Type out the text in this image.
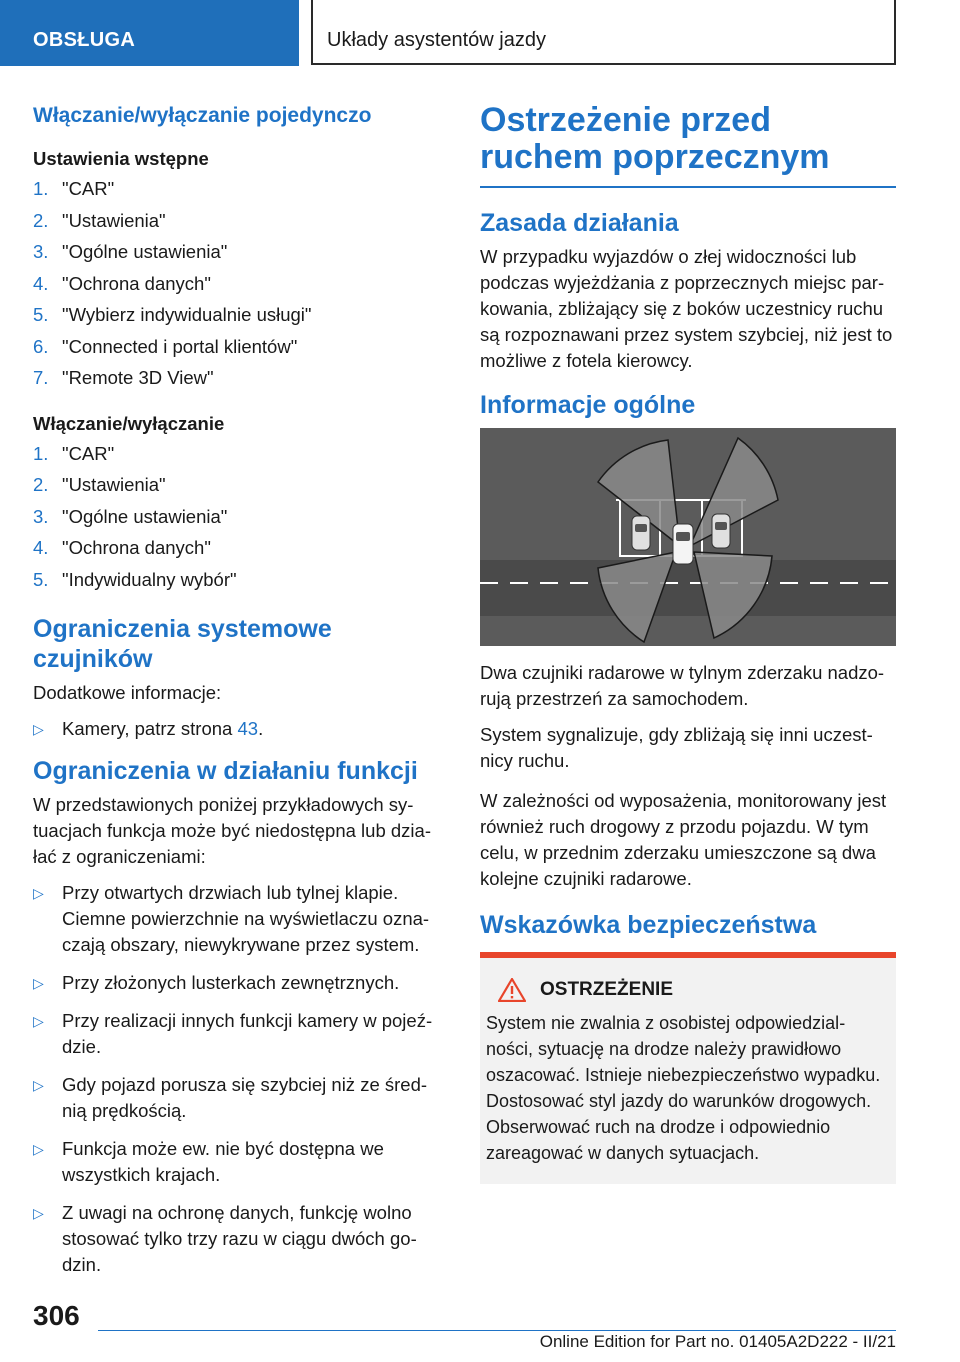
OBSŁUGA	Układy asystentów jazdy
Włączanie/wyłączanie pojedynczo
Ustawienia wstępne
1. "CAR"
2. "Ustawienia"
3. "Ogólne ustawienia"
4. "Ochrona danych"
5. "Wybierz indywidualnie usługi"
6. "Connected i portal klientów"
7. "Remote 3D View"
Włączanie/wyłączanie
1. "CAR"
2. "Ustawienia"
3. "Ogólne ustawienia"
4. "Ochrona danych"
5. "Indywidualny wybór"
Ograniczenia systemowe czujników

Dodatkowe informacje:

▷ Kamery, patrz strona 43.
Ograniczenia w działaniu funkcji

W przedstawionych poniżej przykładowych sytuacjach funkcja może być niedostępna lub działać z ograniczeniami:

▷ Przy otwartych drzwiach lub tylnej klapie. Ciemne powierzchnie na wyświetlaczu oznaczają obszary, niewykrywane przez system.
▷ Przy złożonych lusterkach zewnętrznych.
▷ Przy realizacji innych funkcji kamery w pojeździe.
▷ Gdy pojazd porusza się szybciej niż ze średnią prędkością.
▷ Funkcja może ew. nie być dostępna we wszystkich krajach.
▷ Z uwagi na ochronę danych, funkcję wolno stosować tylko trzy razu w ciągu dwóch godzin.
Ostrzeżenie przed ruchem poprzecznym
Zasada działania

W przypadku wyjazdów o złej widoczności lub podczas wyjeżdżania z poprzecznych miejsc parkowania, zbliżający się z boków uczestnicy ruchu są rozpoznawani przez system szybciej, niż jest to możliwe z fotela kierowcy.

Informacje ogólne

Dwa czujniki radarowe w tylnym zderzaku nadzorują przestrzeń za samochodem.

System sygnalizuje, gdy zbliżają się inni uczestnicy ruchu.

W zależności od wyposażenia, monitorowany jest również ruch drogowy z przodu pojazdu. W tym celu, w przednim zderzaku umieszczone są dwa kolejne czujniki radarowe.

Wskazówka bezpieczeństwa
OSTRZEŻENIE

System nie zwalnia z osobistej odpowiedzialności, sytuację na drodze należy prawidłowo oszacować. Istnieje niebezpieczeństwo wypadku. Dostosować styl jazdy do warunków drogowych. Obserwować ruch na drodze i odpowiednio zareagować w danych sytuacjach.

306
Online Edition for Part no. 01405A2D222 - II/21
